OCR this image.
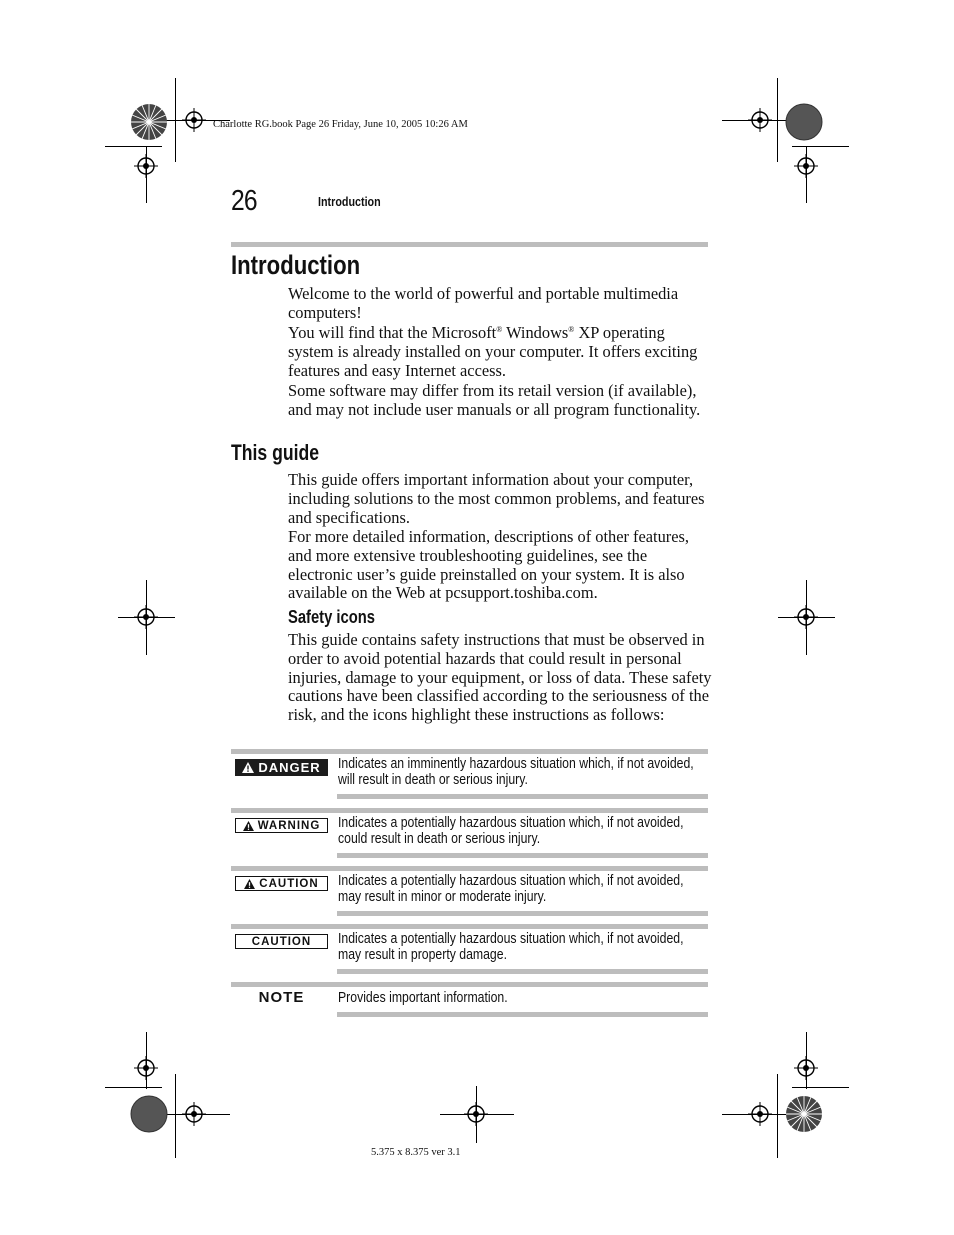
Charlotte RG.book Page 26 Friday, June 10, 2005 10:26 AM
26	Introduction
Introduction
Welcome to the world of powerful and portable multimedia computers!
You will find that the Microsoft® Windows® XP operating system is already installed on your computer. It offers exciting features and easy Internet access.
Some software may differ from its retail version (if available), and may not include user manuals or all program functionality.
This guide
This guide offers important information about your computer, including solutions to the most common problems, and features and specifications.
For more detailed information, descriptions of other features, and more extensive troubleshooting guidelines, see the electronic user’s guide preinstalled on your system. It is also available on the Web at pcsupport.toshiba.com.
Safety icons
This guide contains safety instructions that must be observed in order to avoid potential hazards that could result in personal injuries, damage to your equipment, or loss of data. These safety cautions have been classified according to the seriousness of the risk, and the icons highlight these instructions as follows:
DANGER Indicates an imminently hazardous situation which, if not avoided, will result in death or serious injury.
WARNING Indicates a potentially hazardous situation which, if not avoided, could result in death or serious injury.
CAUTION Indicates a potentially hazardous situation which, if not avoided, may result in minor or moderate injury.
CAUTION Indicates a potentially hazardous situation which, if not avoided, may result in property damage.
NOTE Provides important information.
5.375 x 8.375 ver 3.1
